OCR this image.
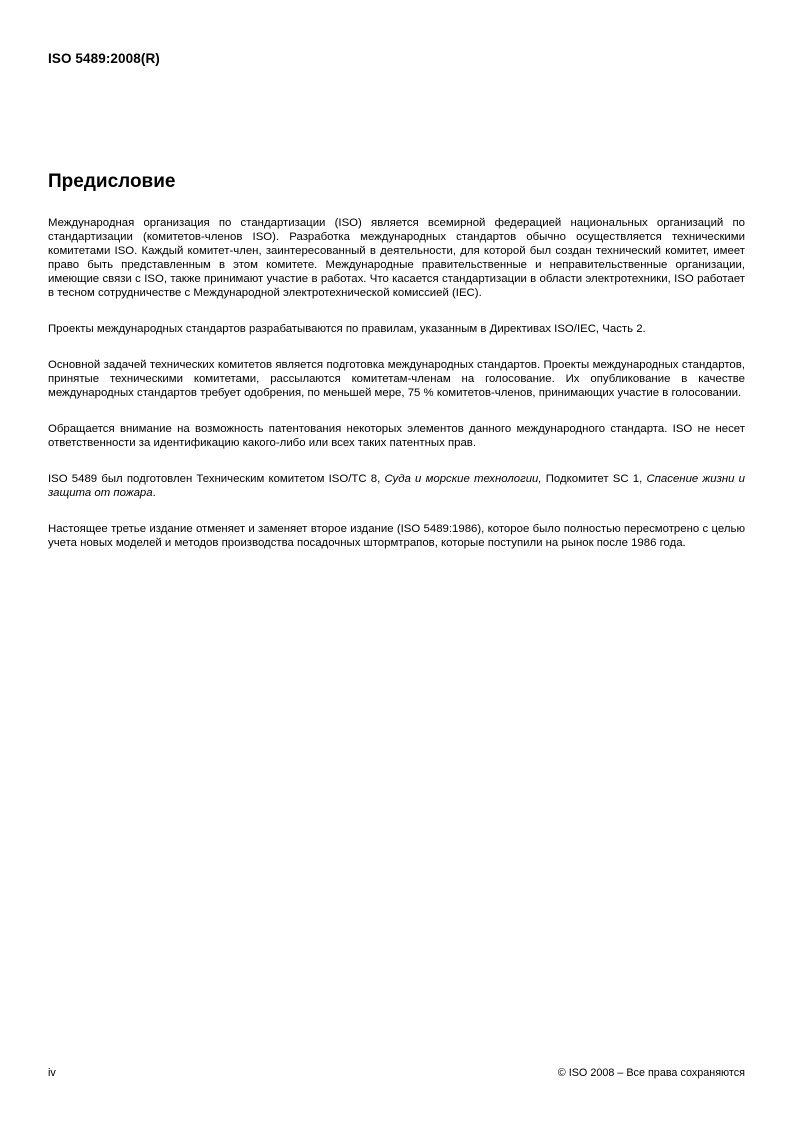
ISO 5489:2008(R)
Предисловие

Международная организация по стандартизации (ISO) является всемирной федерацией национальных организаций по стандартизации (комитетов-членов ISO). Разработка международных стандартов обычно осуществляется техническими комитетами ISO. Каждый комитет-член, заинтересованный в деятельности, для которой был создан технический комитет, имеет право быть представленным в этом комитете. Международные правительственные и неправительственные организации, имеющие связи с ISO, также принимают участие в работах. Что касается стандартизации в области электротехники, ISO работает в тесном сотрудничестве с Международной электротехнической комиссией (IEC).

Проекты международных стандартов разрабатываются по правилам, указанным в Директивах ISO/IEC, Часть 2.

Основной задачей технических комитетов является подготовка международных стандартов. Проекты международных стандартов, принятые техническими комитетами, рассылаются комитетам-членам на голосование. Их опубликование в качестве международных стандартов требует одобрения, по меньшей мере, 75 % комитетов-членов, принимающих участие в голосовании.

Обращается внимание на возможность патентования некоторых элементов данного международного стандарта. ISO не несет ответственности за идентификацию какого-либо или всех таких патентных прав.

ISO 5489 был подготовлен Техническим комитетом ISO/TC 8, Суда и морские технологии, Подкомитет SC 1, Спасение жизни и защита от пожара.

Настоящее третье издание отменяет и заменяет второе издание (ISO 5489:1986), которое было полностью пересмотрено с целью учета новых моделей и методов производства посадочных штормтрапов, которые поступили на рынок после 1986 года.

iv	© ISO 2008 – Все права сохраняются
